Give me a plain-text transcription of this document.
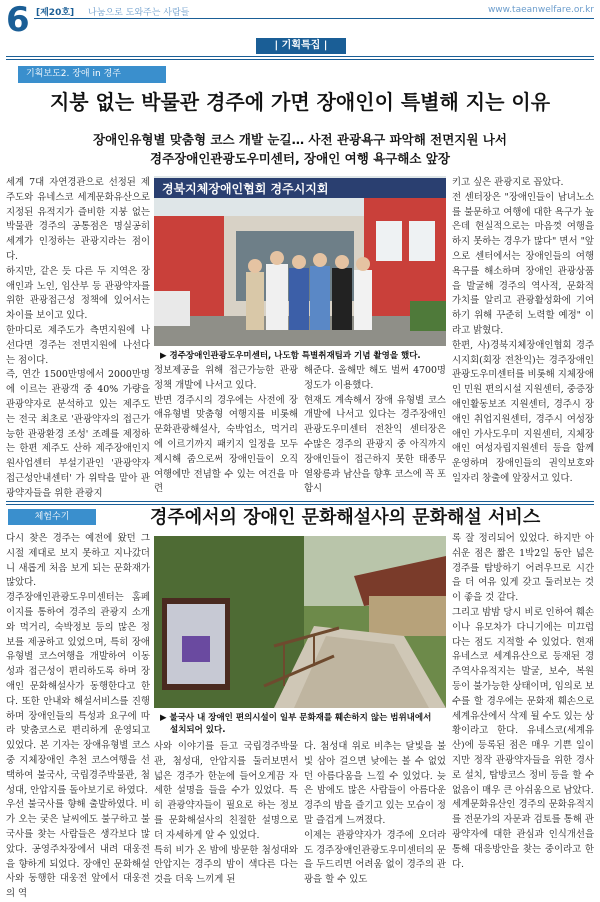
6 [제20호] 나눔으로 도와주는 사람들	www.taeanwelfare.or.kr
| 기획특집 |
기획보도2. 장애 in 경주
지붕 없는 박물관 경주에 가면 장애인이 특별해 지는 이유
장애인유형별 맞춤형 코스 개발 눈길… 사전 관광욕구 파악해 전면지원 나서
경주장애인관광도우미센터, 장애인 여행 욕구해소 앞장
세계 7대 자연경관으로 선정된 제주도와 유네스코 세계문화유산으로 지정된 유적지가 즐비한 지붕 없는 박물관 경주의 공통점은 명실공히 세계가 인정하는 관광지라는 점이다.
하지만, 같은 듯 다른 두 지역은 장애인과 노인, 임산부 등 관광약자를 위한 관광접근성 정책에 있어서는 차이를 보이고 있다.
한마디로 제주도가 측면지원에 나선다면 경주는 전면지원에 나선다는 점이다.
즉, 연간 1500만명에서 2000만명에 이르는 관광객 중 40% 가량을 관광약자로 분석하고 있는 제주도는 전국 최초로 '관광약자의 접근가능한 관광환경 조성' 조례를 제정하는 한편 제주도 산하 제주장애인지원사업센터 부설기관인 '관광약자접근성안내센터' 가 위탁을 맡아 관광약자들을 위한 관광지
경북지체장애인협회 경주시지회
▶ 경주장애인관광도우미센터, 나도함 특별취재팀과 기념 촬영을 했다.
정보제공을 위해 접근가능한 관광정책 개발에 나서고 있다.
반면 경주시의 경우에는 사전에 장애유형별 맞춤형 여행지를 비롯해 문화관광해설사, 숙박업소, 먹거리에 이르기까지 패키지 일정을 모두 제시해 줌으로써 장애인들이 오직 여행에만 전념할 수 있는 여건을 마련
해준다. 올해만 해도 벌써 4700명 정도가 이용했다.
현재도 계속해서 장애 유형별 코스 개발에 나서고 있다는 경주장애인관광도우미센터 전찬익 센터장은 수많은 경주의 관광지 중 아직까지 장애인들이 접근하지 못한 태종무열왕릉과 남산을 향후 코스에 꼭 포함시
키고 싶은 관광지로 꼽았다.
전 센터장은 "장애인들이 남녀노소를 불문하고 여행에 대한 욕구가 높은데 현실적으로는 마음껏 여행을 하지 못하는 경우가 많다" 면서 "앞으로 센터에서는 장애인들의 여행욕구를 해소하며 장애인 관광상품을 발굴해 경주의 역사적, 문화적 가치를 알리고 관광활성화에 기여하기 위해 꾸준히 노력할 예정" 이라고 밝혔다.
한편, 사)경북지체장애인협회 경주시지회(회장 전찬익)는 경주장애인관광도우미센터를 비롯해 지체장애인 민원 편의시설 지원센터, 중증장애인활동보조 지원센터, 경주시 장애인 취업지원센터, 경주시 여성장애인 가사도우미 지원센터, 지체장애인 여성자립지원센터 등을 함께 운영하며 장애인들의 권익보호와 일자리 창출에 앞장서고 있다.
체험수기	경주에서의 장애인 문화해설사의 문화해설 서비스
다시 찾은 경주는 예전에 왔던 그 시절 제대로 보지 못하고 지나갔더니 새롭게 처음 보게 되는 문화재가 많았다.
경주장애인관광도우미센터는 홈페이지를 통하여 경주의 관광지 소개와 먹거리, 숙박정보 등의 많은 정보를 제공하고 있었으며, 특히 장애유형별 코스여행을 개발하여 이동성과 접근성이 편리하도록 하며 장애인 문화해설사가 동행한다고 한다. 또한 안내와 해설서비스를 진행하며 장애인들의 특성과 요구에 따라 맞춤코스로 편리하게 운영되고 있었다. 본 기자는 장애유형별 코스 중 지체장애인 추천 코스여행을 선택하여 불국사, 국립경주박물관, 첨성대, 안압지를 돌아보기로 하였다.
우선 불국사를 향해 출발하였다. 비가 오는 궂은 날씨에도 불구하고 불국사를 찾는 사람들은 생각보다 많았다. 공영주차장에서 내려 대웅전을 향하게 되었다. 장애인 문화해설사와 동행한 대웅전 앞에서 대웅전의 역
▶ 불국사 내 장애인 편의시설이 일부 문화재를 훼손하지 않는 범위내에서
설치되어 있다.
사와 이야기를 듣고 국립경주박물관, 첨성대, 안압지를 둘러보면서 넓은 경주가 한눈에 들어오게끔 자세한 설명을 들을 수가 있었다. 특히 관광약자들이 필요로 하는 정보를 문화해설사의 친절한 설명으로 더 자세하게 알 수 있었다.
특히 비가 온 밤에 방문한 첨성대와 안압지는 경주의 밤이 색다른 다는 것을 더욱 느끼게 된
다. 첨성대 위로 비추는 달빛을 불빛 삼아 걸으면 낮에는 볼 수 없었던 아름다움을 느낄 수 있었다. 늦은 밤에도 많은 사람들이 아름다운 경주의 밤을 즐기고 있는 모습이 정말 즐겁게 느껴졌다.
이제는 관광약자가 경주에 오더라도 경주장애인관광도우미센터의 문을 두드리면 어려움 없이 경주의 관광을 할 수 있도
록 잘 정리되어 있었다. 하지만 아쉬운 점은 짧은 1박2일 동안 넓은 경주를 탐방하기 어려우므로 시간을 더 여유 있게 갖고 둘러보는 것이 좋을 것 같다.
그리고 밤밤 당시 비로 인하여 훼손이나 유모차가 다니기에는 미끄럽다는 점도 지적할 수 있었다. 현재 유네스코 세계유산으로 등재된 경주역사유적지는 발굴, 보수, 복원 등이 불가능한 상태이며, 임의로 보수를 할 경우에는 문화재 훼손으로 세계유산에서 삭제 될 수도 있는 상황이라고 한다. 유네스코(세계유산)에 등록된 점은 매우 기쁜 일이지만 정작 관광약자들을 위한 경사로 설치, 탑방코스 정비 등을 할 수 없음이 매우 큰 아쉬움으로 남았다.
세계문화유산인 경주의 문화유적지를 전문가의 자문과 검토를 통해 관광약자에 대한 관심과 인식개선을 통해 대응방안을 찾는 중이라고 한다.
